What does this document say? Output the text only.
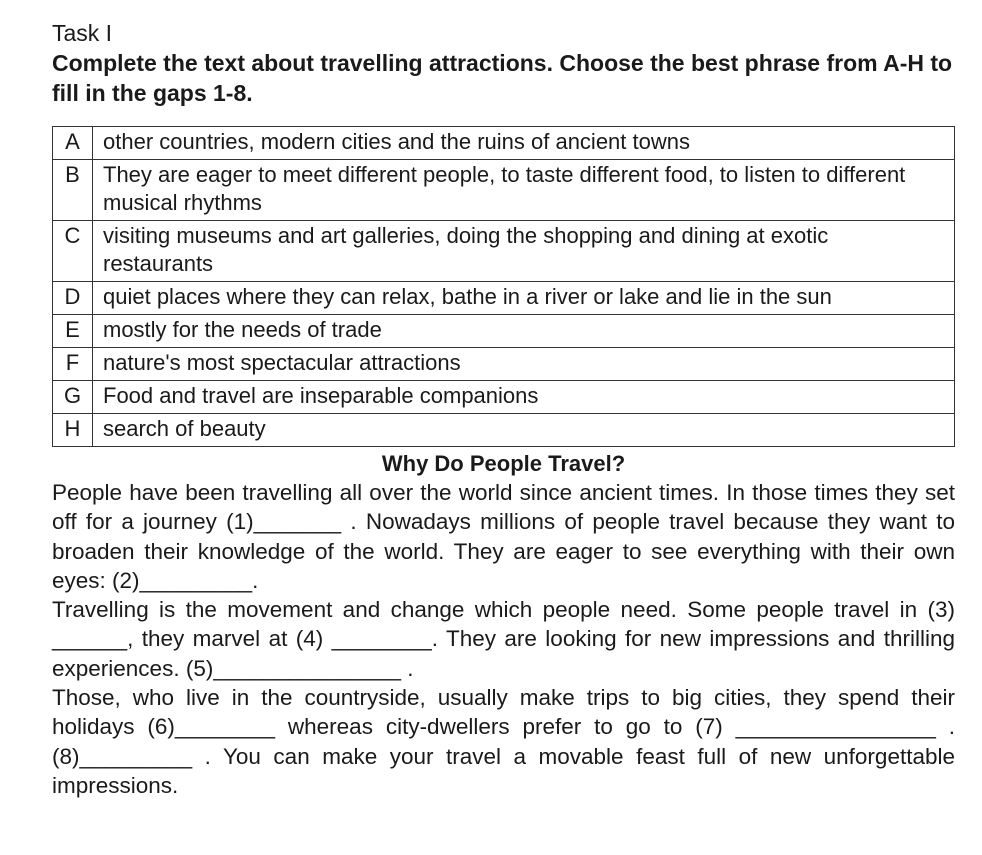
Task I

Complete the text about travelling attractions. Choose the best phrase from A-H to fill in the gaps 1-8.

A	other countries, modern cities and the ruins of ancient towns
B	They are eager to meet different people, to taste different food, to listen to different musical rhythms
C	visiting museums and art galleries, doing the shopping and dining at exotic restaurants
D	quiet places where they can relax, bathe in a river or lake and lie in the sun
E	mostly for the needs of trade
F	nature's most spectacular attractions
G	Food and travel are inseparable companions
H	search of beauty

Why Do People Travel?

People have been travelling all over the world since ancient times. In those times they set off for a journey (1)_______ . Nowadays millions of people travel because they want to broaden their knowledge of the world. They are eager to see everything with their own eyes: (2)_________.

Travelling is the movement and change which people need. Some people travel in (3) ______, they marvel at (4) ________. They are looking for new impressions and thrilling experiences. (5)_______________ .

Those, who live in the countryside, usually make trips to big cities, they spend their holidays (6)________ whereas city-dwellers prefer to go to (7) ________________ . (8)_________ . You can make your travel a movable feast full of new unforgettable impressions.
